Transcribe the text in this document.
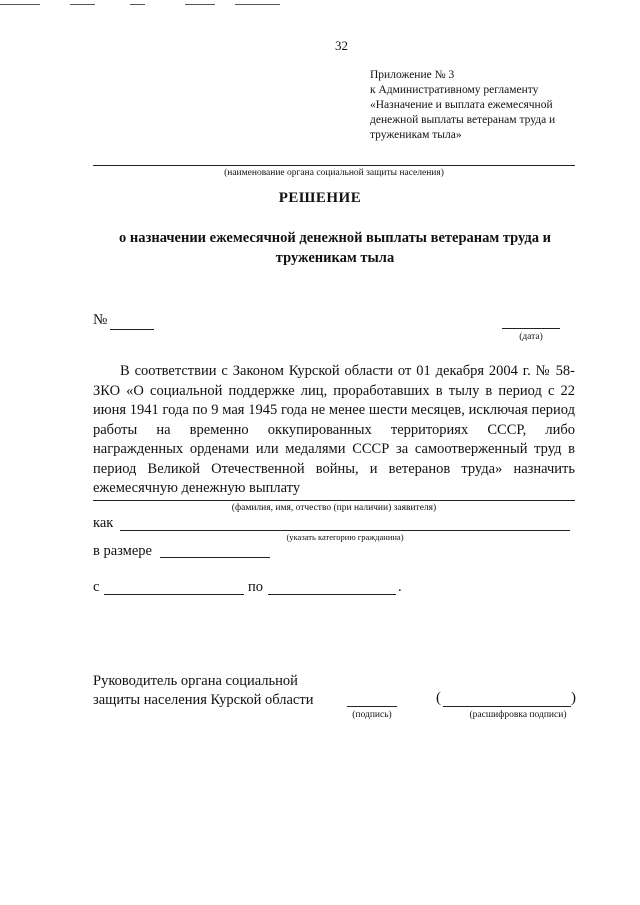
32
Приложение № 3
к Административному регламенту
«Назначение и выплата ежемесячной
денежной выплаты ветеранам труда и
труженикам тыла»
(наименование органа социальной защиты населения)
РЕШЕНИЕ
о назначении ежемесячной денежной выплаты ветеранам труда и
труженикам тыла
№
(дата)
В соответствии с Законом Курской области от 01 декабря 2004 г. № 58-ЗКО «О социальной поддержке лиц, проработавших в тылу в период с 22 июня 1941 года по 9 мая 1945 года не менее шести месяцев, исключая период работы на временно оккупированных территориях СССР, либо награжденных орденами или медалями СССР за самоотверженный труд в период Великой Отечественной войны, и ветеранов труда» назначить ежемесячную денежную выплату
(фамилия, имя, отчество (при наличии) заявителя)
как
(указать категорию гражданина)
в размере
с	по	.
Руководитель органа социальной
защиты населения Курской области
(подпись)
(	)
(расшифровка подписи)
